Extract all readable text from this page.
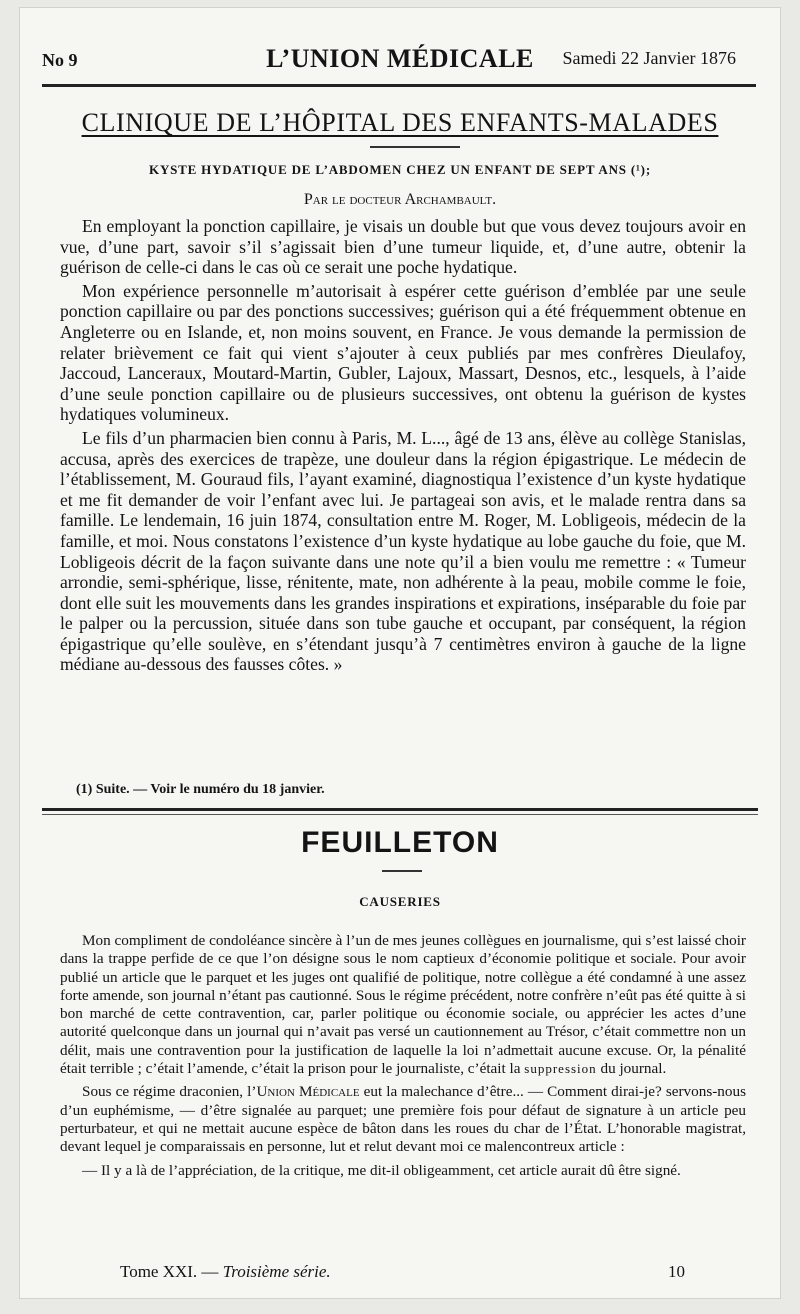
No 9	L’UNION MÉDICALE	Samedi 22 Janvier 1876
CLINIQUE DE L’HÔPITAL DES ENFANTS-MALADES
KYSTE HYDATIQUE DE L’ABDOMEN CHEZ UN ENFANT DE SEPT ANS (¹);
Par le docteur Archambault.

En employant la ponction capillaire, je visais un double but que vous devez toujours avoir en vue, d’une part, savoir s’il s’agissait bien d’une tumeur liquide, et, d’une autre, obtenir la guérison de celle-ci dans le cas où ce serait une poche hydatique.

Mon expérience personnelle m’autorisait à espérer cette guérison d’emblée par une seule ponction capillaire ou par des ponctions successives; guérison qui a été fréquemment obtenue en Angleterre ou en Islande, et, non moins souvent, en France. Je vous demande la permission de relater brièvement ce fait qui vient s’ajouter à ceux publiés par mes confrères Dieulafoy, Jaccoud, Lanceraux, Moutard-Martin, Gubler, Lajoux, Massart, Desnos, etc., lesquels, à l’aide d’une seule ponction capillaire ou de plusieurs successives, ont obtenu la guérison de kystes hydatiques volumineux.

Le fils d’un pharmacien bien connu à Paris, M. L..., âgé de 13 ans, élève au collège Stanislas, accusa, après des exercices de trapèze, une douleur dans la région épigastrique. Le médecin de l’établissement, M. Gouraud fils, l’ayant examiné, diagnostiqua l’existence d’un kyste hydatique et me fit demander de voir l’enfant avec lui. Je partageai son avis, et le malade rentra dans sa famille. Le lendemain, 16 juin 1874, consultation entre M. Roger, M. Lobligeois, médecin de la famille, et moi. Nous constatons l’existence d’un kyste hydatique au lobe gauche du foie, que M. Lobligeois décrit de la façon suivante dans une note qu’il a bien voulu me remettre : « Tumeur arrondie, semi-sphérique, lisse, rénitente, mate, non adhérente à la peau, mobile comme le foie, dont elle suit les mouvements dans les grandes inspirations et expirations, inséparable du foie par le palper ou la percussion, située dans son tube gauche et occupant, par conséquent, la région épigastrique qu’elle soulève, en s’étendant jusqu’à 7 centimètres environ à gauche de la ligne médiane au-dessous des fausses côtes. »

(1) Suite. — Voir le numéro du 18 janvier.
FEUILLETON
CAUSERIES

Mon compliment de condoléance sincère à l’un de mes jeunes collègues en journalisme, qui s’est laissé choir dans la trappe perfide de ce que l’on désigne sous le nom captieux d’économie politique et sociale. Pour avoir publié un article que le parquet et les juges ont qualifié de politique, notre collègue a été condamné à une assez forte amende, son journal n’étant pas cautionné. Sous le régime précédent, notre confrère n’eût pas été quitte à si bon marché de cette contravention, car, parler politique ou économie sociale, ou apprécier les actes d’une autorité quelconque dans un journal qui n’avait pas versé un cautionnement au Trésor, c’était commettre non un délit, mais une contravention pour la justification de laquelle la loi n’admettait aucune excuse. Or, la pénalité était terrible ; c’était l’amende, c’était la prison pour le journaliste, c’était la suppression du journal.

Sous ce régime draconien, l’Union Médicale eut la malechance d’être... — Comment dirai-je? servons-nous d’un euphémisme, — d’être signalée au parquet; une première fois pour défaut de signature à un article peu perturbateur, et qui ne mettait aucune espèce de bâton dans les roues du char de l’État. L’honorable magistrat, devant lequel je comparaissais en personne, lut et relut devant moi ce malencontreux article :

— Il y a là de l’appréciation, de la critique, me dit-il obligeamment, cet article aurait dû être signé.

Tome XXI. — Troisième série.	10
